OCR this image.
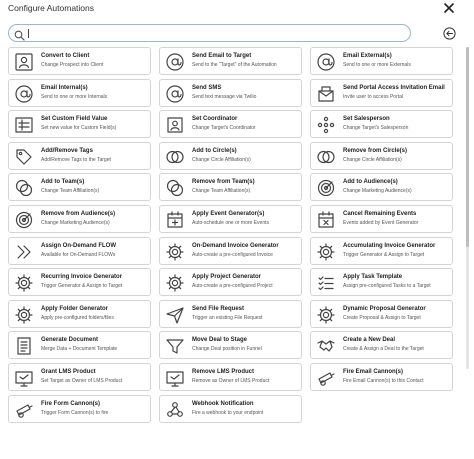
Configure Automations
Convert to Client
Change Prospect into Client
Send Email to Target
Send to the "Target" of the Automation
Email External(s)
Send to one or more Externals
Email Internal(s)
Send to one or more Internals
Send SMS
Send text message via Twilio
Send Portal Access Invitation Email
Invite user to access Portal
Set Custom Field Value
Set new value for Custom Field(s)
Set Coordinator
Change Target's Coordinator
Set Salesperson
Change Target's Salesperson
Add/Remove Tags
Add/Remove Tags to the Target
Add to Circle(s)
Change Circle Affiliation(s)
Remove from Circle(s)
Change Circle Affiliation(s)
Add to Team(s)
Change Team Affiliation(s)
Remove from Team(s)
Change Team Affiliation(s)
Add to Audience(s)
Change Marketing Audience(s)
Remove from Audience(s)
Change Marketing Audience(s)
Apply Event Generator(s)
Auto-schedule one or more Events
Cancel Remaining Events
Events added by Event Generator
Assign On-Demand FLOW
Available for On-Demand FLOWs
On-Demand Invoice Generator
Auto-create a pre-configured Invoice
Accumulating Invoice Generator
Trigger Generator & Assign to Target
Recurring Invoice Generator
Trigger Generator & Assign to Target
Apply Project Generator
Auto-create a pre-configured Project
Apply Task Template
Assign pre-configured Tasks to a Target
Apply Folder Generator
Apply pre-configured folders/files
Send File Request
Trigger an existing File Request
Dynamic Proposal Generator
Create Proposal & Assign to Target
Generate Document
Merge Data + Document Template
Move Deal to Stage
Change Deal position in Funnel
Create a New Deal
Create & Assign a Deal to the Target
Grant LMS Product
Set Target as Owner of LMS Product
Remove LMS Product
Remove as Owner of LMS Product
Fire Email Cannon(s)
Fire Email Cannon(s) to this Contact
Fire Form Cannon(s)
Trigger Form Cannon(s) to fire
Webhook Notification
Fire a webhook to your endpoint
